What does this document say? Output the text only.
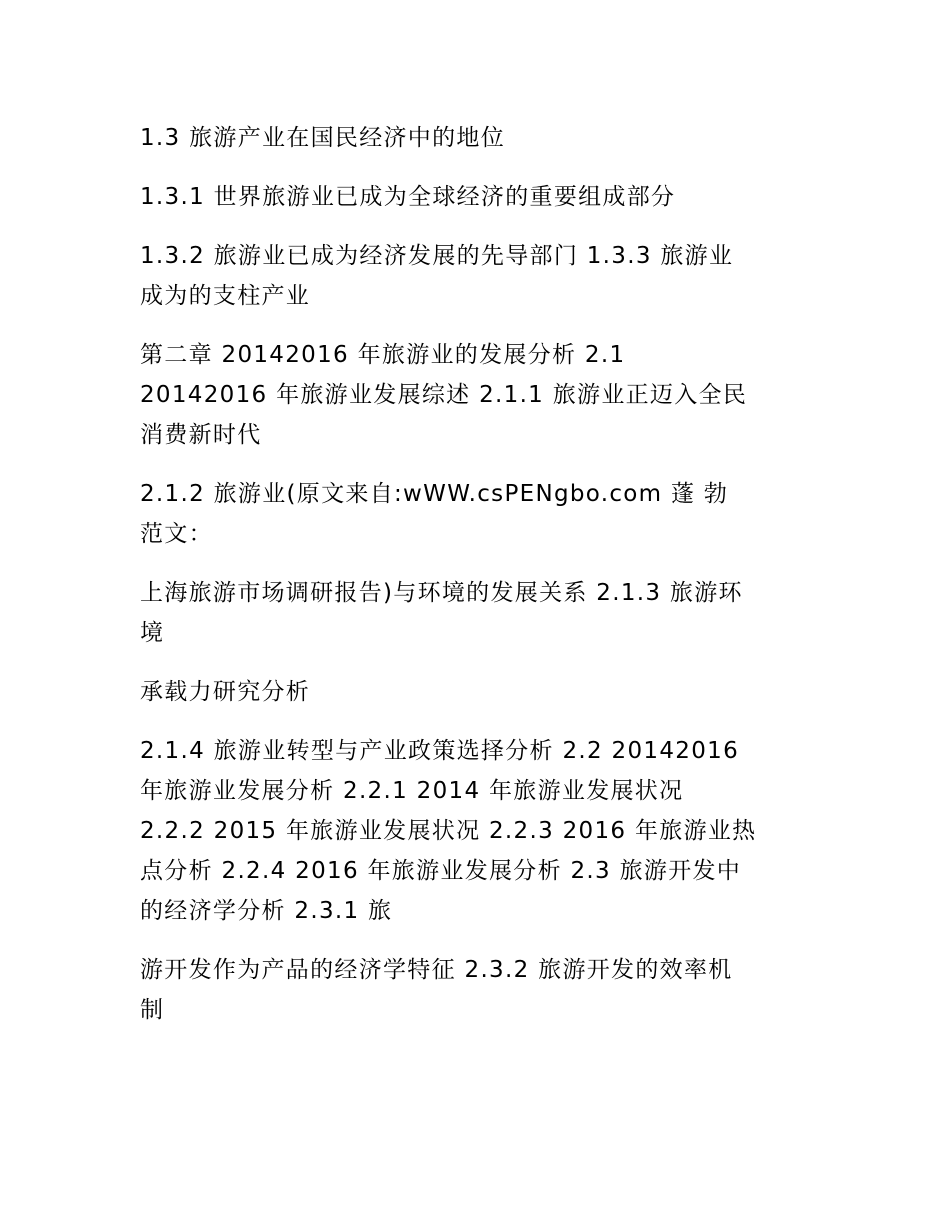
1.3 旅游产业在国民经济中的地位

1.3.1 世界旅游业已成为全球经济的重要组成部分

1.3.2 旅游业已成为经济发展的先导部门 1.3.3 旅游业
成为的支柱产业

第二章 20142016 年旅游业的发展分析 2.1
20142016 年旅游业发展综述 2.1.1 旅游业正迈入全民
消费新时代

2.1.2 旅游业(原文来自:wWW.csPENgbo.com 蓬 勃
范文：

上海旅游市场调研报告)与环境的发展关系 2.1.3 旅游环
境

承载力研究分析

2.1.4 旅游业转型与产业政策选择分析 2.2 20142016
年旅游业发展分析 2.2.1 2014 年旅游业发展状况
2.2.2 2015 年旅游业发展状况 2.2.3 2016 年旅游业热
点分析 2.2.4 2016 年旅游业发展分析 2.3 旅游开发中
的经济学分析 2.3.1 旅

游开发作为产品的经济学特征 2.3.2 旅游开发的效率机
制
